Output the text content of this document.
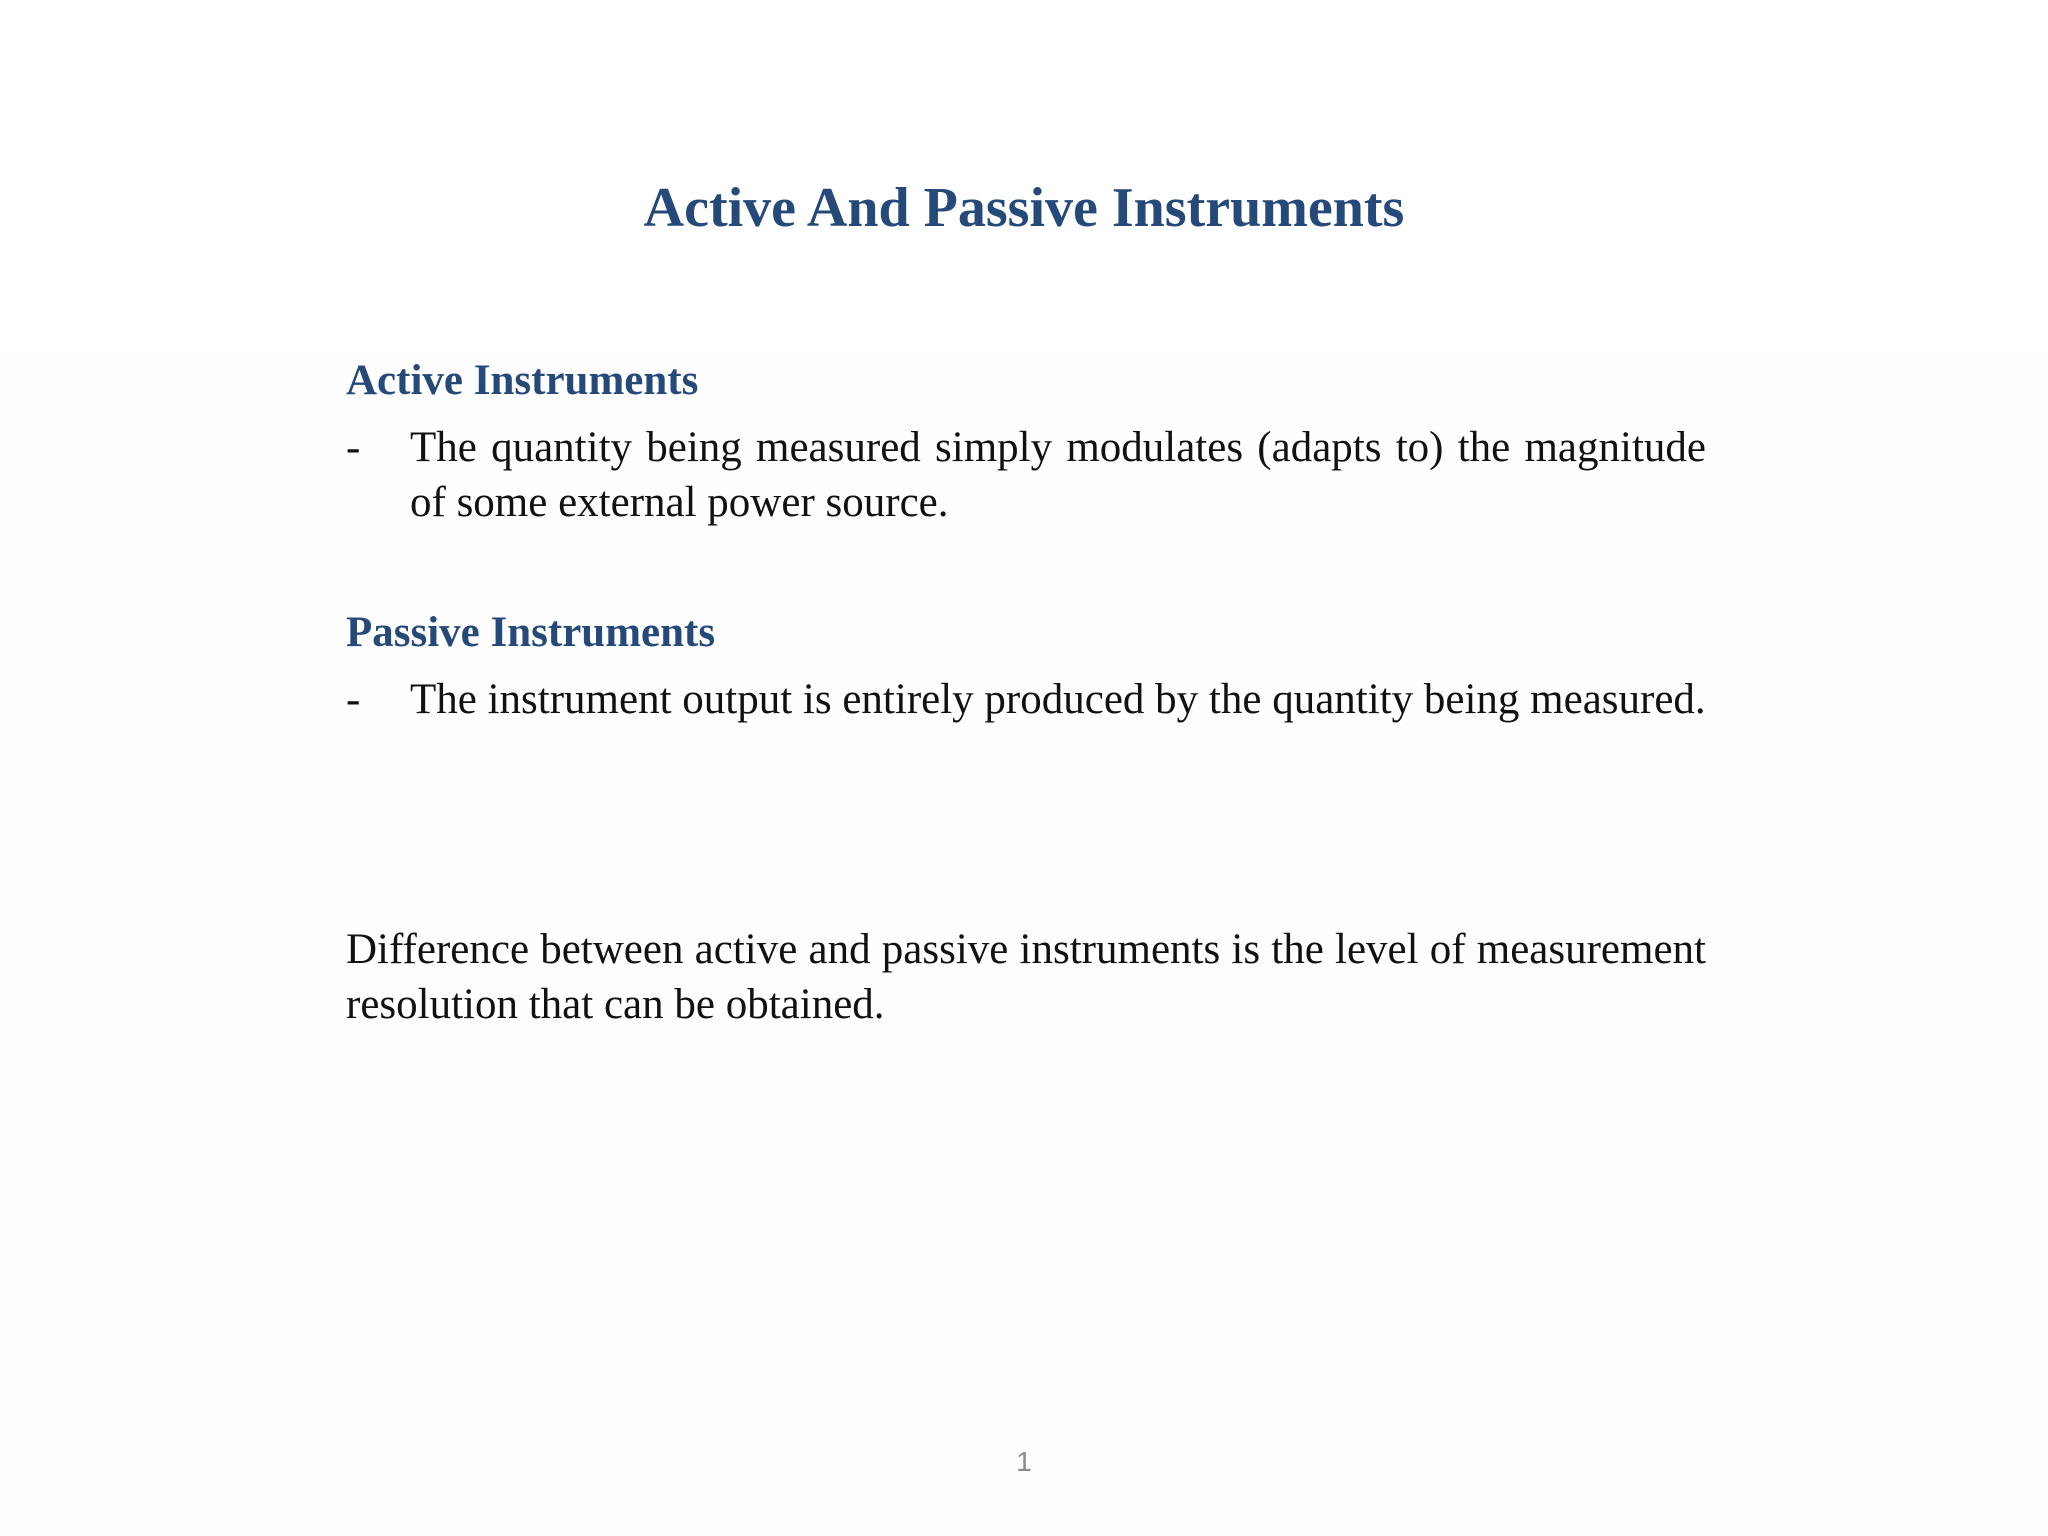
Active And Passive Instruments
Active Instruments
- The quantity being measured simply modulates (adapts to) the magnitude of some external power source.
Passive Instruments
- The instrument output is entirely produced by the quantity being measured.

Difference between active and passive instruments is the level of measurement resolution that can be obtained.

1
